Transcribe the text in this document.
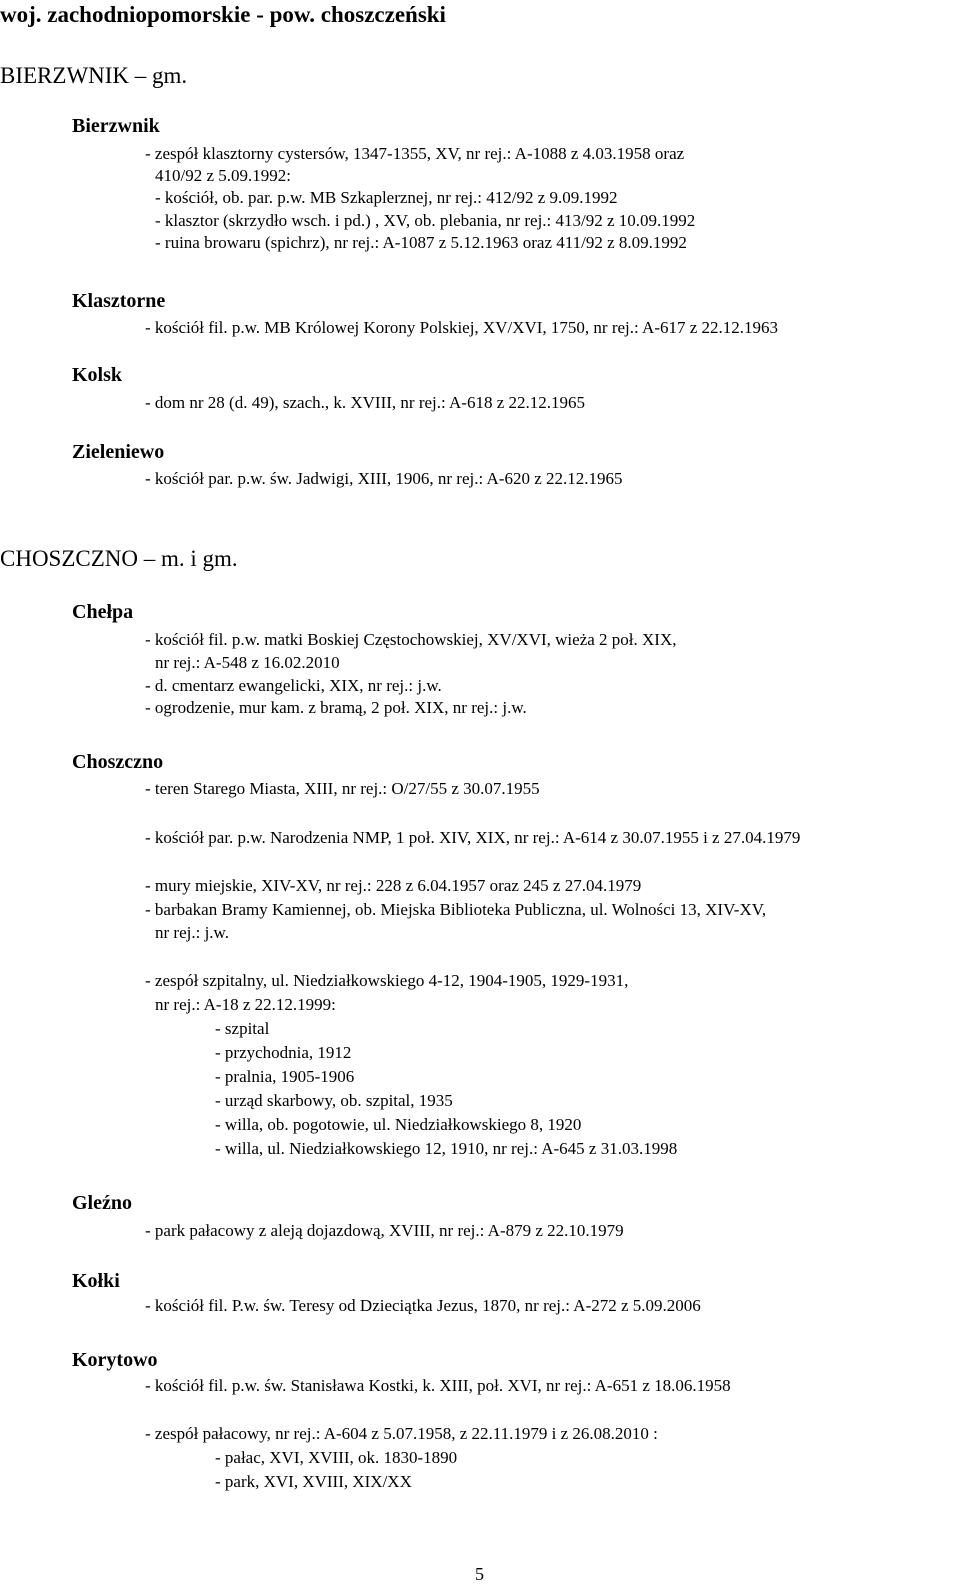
woj. zachodniopomorskie - pow. choszczeński
BIERZWNIK – gm.
Bierzwnik
- zespół klasztorny cystersów, 1347-1355, XV, nr rej.: A-1088 z 4.03.1958 oraz
410/92 z 5.09.1992:
- kościół, ob. par. p.w. MB Szkaplerznej, nr rej.: 412/92 z 9.09.1992
- klasztor (skrzydło wsch. i pd.) , XV, ob. plebania, nr rej.: 413/92 z 10.09.1992
- ruina browaru (spichrz), nr rej.: A-1087 z 5.12.1963 oraz 411/92 z 8.09.1992
Klasztorne
- kościół fil. p.w. MB Królowej Korony Polskiej, XV/XVI, 1750, nr rej.: A-617 z 22.12.1963
Kolsk
- dom nr 28 (d. 49), szach., k. XVIII, nr rej.: A-618 z 22.12.1965
Zieleniewo
- kościół par. p.w. św. Jadwigi, XIII, 1906, nr rej.: A-620 z 22.12.1965
CHOSZCZNO – m. i gm.
Chełpa
- kościół fil. p.w. matki Boskiej Częstochowskiej, XV/XVI, wieża 2 poł. XIX,
nr rej.: A-548 z 16.02.2010
- d. cmentarz ewangelicki, XIX, nr rej.: j.w.
- ogrodzenie, mur kam. z bramą, 2 poł. XIX, nr rej.: j.w.
Choszczno
- teren Starego Miasta, XIII, nr rej.: O/27/55 z 30.07.1955
- kościół par. p.w. Narodzenia NMP, 1 poł. XIV, XIX, nr rej.: A-614 z 30.07.1955 i z 27.04.1979
- mury miejskie, XIV-XV, nr rej.: 228 z 6.04.1957 oraz 245 z 27.04.1979
- barbakan Bramy Kamiennej, ob. Miejska Biblioteka Publiczna, ul. Wolności 13, XIV-XV,
nr rej.: j.w.
- zespół szpitalny, ul. Niedziałkowskiego 4-12, 1904-1905, 1929-1931,
nr rej.: A-18 z 22.12.1999:
- szpital
- przychodnia, 1912
- pralnia, 1905-1906
- urząd skarbowy, ob. szpital, 1935
- willa, ob. pogotowie, ul. Niedziałkowskiego 8, 1920
- willa, ul. Niedziałkowskiego 12, 1910, nr rej.: A-645 z 31.03.1998
Gleźno
- park pałacowy z aleją dojazdową, XVIII, nr rej.: A-879 z 22.10.1979
Kołki
- kościół fil. P.w. św. Teresy od Dzieciątka Jezus, 1870, nr rej.: A-272 z 5.09.2006
Korytowo
- kościół fil. p.w. św. Stanisława Kostki, k. XIII, poł. XVI, nr rej.: A-651 z 18.06.1958
- zespół pałacowy, nr rej.: A-604 z 5.07.1958, z 22.11.1979 i z 26.08.2010 :
- pałac, XVI, XVIII, ok. 1830-1890
- park, XVI, XVIII, XIX/XX
5
